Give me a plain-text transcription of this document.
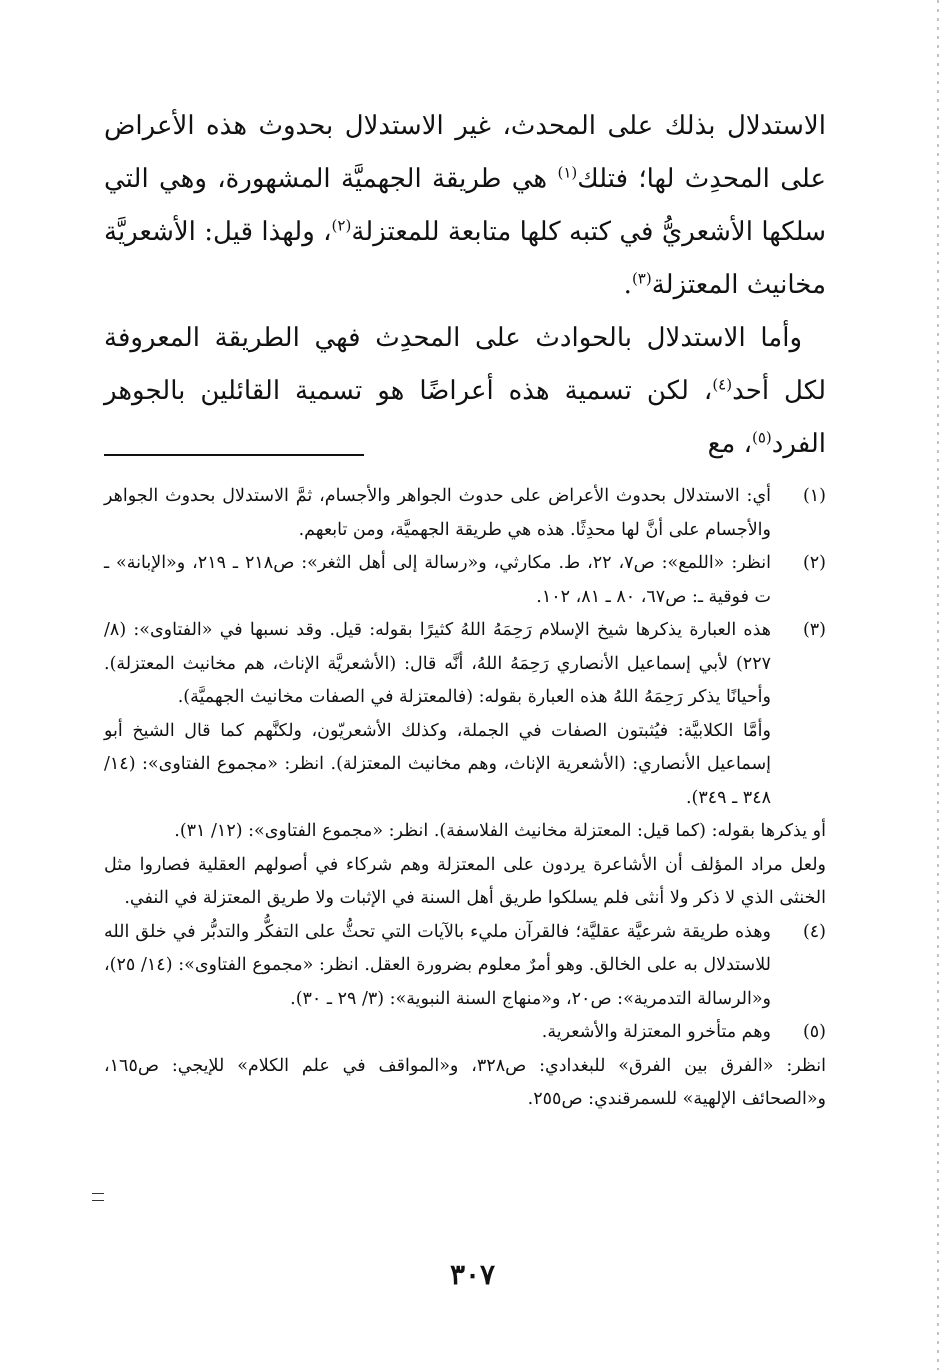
الاستدلال بذلك على المحدث، غير الاستدلال بحدوث هذه الأعراض على المحدِث لها؛ فتلك$^{(١)}$ هي طريقة الجهميَّة المشهورة، وهي التي سلكها الأشعريُّ في كتبه كلها متابعة للمعتزلة$^{(٢)}$، ولهذا قيل: الأشعريَّة مخانيث المعتزلة$^{(٣)}$.

وأما الاستدلال بالحوادث على المحدِث فهي الطريقة المعروفة لكل أحد$^{(٤)}$، لكن تسمية هذه أعراضًا هو تسمية القائلين بالجوهر الفرد$^{(٥)}$، مع

(١)

أي: الاستدلال بحدوث الأعراض على حدوث الجواهر والأجسام، ثمَّ الاستدلال بحدوث الجواهر والأجسام على أنَّ لها محدِثًا. هذه هي طريقة الجهميَّة، ومن تابعهم.

(٢)

انظر: «اللمع»: ص٧، ٢٢، ط. مكارثي، و«رسالة إلى أهل الثغر»: ص٢١٨ ـ ٢١٩، و«الإبانة» ـ ت فوقية ـ: ص٦٧، ٨٠ ـ ٨١، ١٠٢.

(٣)

هذه العبارة يذكرها شيخ الإسلام رَحِمَهُ اللهُ كثيرًا بقوله: قيل. وقد نسبها في «الفتاوى»: (٨/ ٢٢٧) لأبي إسماعيل الأنصاري رَحِمَهُ اللهُ، أنَّه قال: (الأشعريَّة الإناث، هم مخانيث المعتزلة). وأحيانًا يذكر رَحِمَهُ اللهُ هذه العبارة بقوله: (فالمعتزلة في الصفات مخانيث الجهميَّة).

وأمَّا الكلابيَّة: فيُثبتون الصفات في الجملة، وكذلك الأشعريّون، ولكنَّهم كما قال الشيخ أبو إسماعيل الأنصاري: (الأشعرية الإناث، وهم مخانيث المعتزلة). انظر: «مجموع الفتاوى»: (١٤/ ٣٤٨ ـ ٣٤٩).

أو يذكرها بقوله: (كما قيل: المعتزلة مخانيث الفلاسفة). انظر: «مجموع الفتاوى»: (١٢/ ٣١).

ولعل مراد المؤلف أن الأشاعرة يردون على المعتزلة وهم شركاء في أصولهم العقلية فصاروا مثل الخنثى الذي لا ذكر ولا أنثى فلم يسلكوا طريق أهل السنة في الإثبات ولا طريق المعتزلة في النفي.

(٤)

وهذه طريقة شرعيَّة عقليَّة؛ فالقرآن مليء بالآيات التي تحثُّ على التفكُّر والتدبُّر في خلق الله للاستدلال به على الخالق. وهو أمرٌ معلوم بضرورة العقل. انظر: «مجموع الفتاوى»: (١٤/ ٢٥)، و«الرسالة التدمرية»: ص٢٠، و«منهاج السنة النبوية»: (٣/ ٢٩ ـ ٣٠).

(٥)

وهم متأخرو المعتزلة والأشعرية.

انظر: «الفرق بين الفرق» للبغدادي: ص٣٢٨، و«المواقف في علم الكلام» للإيجي: ص١٦٥، و«الصحائف الإلهية» للسمرقندي: ص٢٥٥.

٣٠٧
